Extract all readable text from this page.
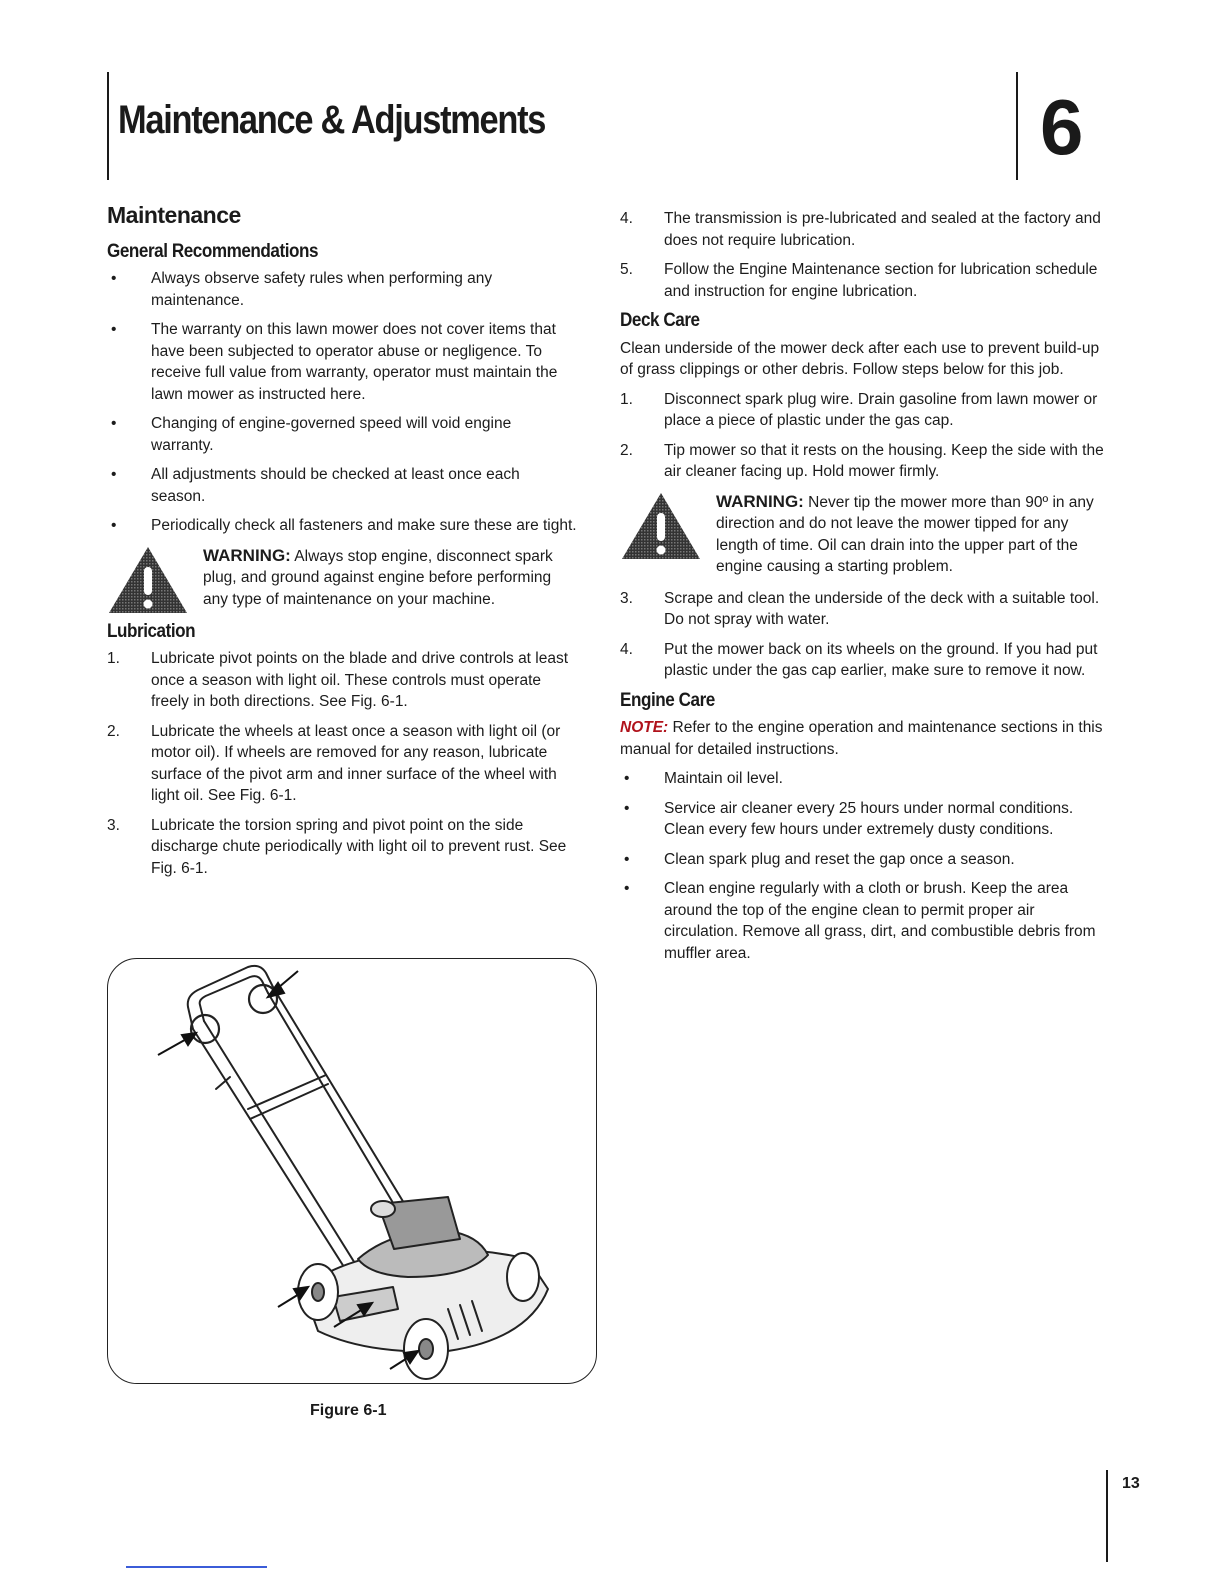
Maintenance & Adjustments	6
Maintenance
General Recommendations
• Always observe safety rules when performing any maintenance.
• The warranty on this lawn mower does not cover items that have been subjected to operator abuse or negligence. To receive full value from warranty, operator must maintain the lawn mower as instructed here.
• Changing of engine-governed speed will void engine warranty.
• All adjustments should be checked at least once each season.
• Periodically check all fasteners and make sure these are tight.
WARNING: Always stop engine, disconnect spark plug, and ground against engine before performing any type of maintenance on your machine.
Lubrication
1. Lubricate pivot points on the blade and drive controls at least once a season with light oil. These controls must operate freely in both directions. See Fig. 6-1.
2. Lubricate the wheels at least once a season with light oil (or motor oil). If wheels are removed for any reason, lubricate surface of the pivot arm and inner surface of the wheel with light oil. See Fig. 6-1.
3. Lubricate the torsion spring and pivot point on the side discharge chute periodically with light oil to prevent rust. See Fig. 6-1.
Figure 6-1
4. The transmission is pre-lubricated and sealed at the factory and does not require lubrication.
5. Follow the Engine Maintenance section for lubrication schedule and instruction for engine lubrication.
Deck Care

Clean underside of the mower deck after each use to prevent build-up of grass clippings or other debris. Follow steps below for this job.

1. Disconnect spark plug wire. Drain gasoline from lawn mower or place a piece of plastic under the gas cap.
2. Tip mower so that it rests on the housing. Keep the side with the air cleaner facing up. Hold mower firmly.
WARNING: Never tip the mower more than 90º in any direction and do not leave the mower tipped for any length of time. Oil can drain into the upper part of the engine causing a starting problem.
3. Scrape and clean the underside of the deck with a suitable tool. Do not spray with water.
4. Put the mower back on its wheels on the ground. If you had put plastic under the gas cap earlier, make sure to remove it now.
Engine Care

NOTE: Refer to the engine operation and maintenance sections in this manual for detailed instructions.

• Maintain oil level.
• Service air cleaner every 25 hours under normal conditions. Clean every few hours under extremely dusty conditions.
• Clean spark plug and reset the gap once a season.
• Clean engine regularly with a cloth or brush. Keep the area around the top of the engine clean to permit proper air circulation. Remove all grass, dirt, and combustible debris from muffler area.
13
